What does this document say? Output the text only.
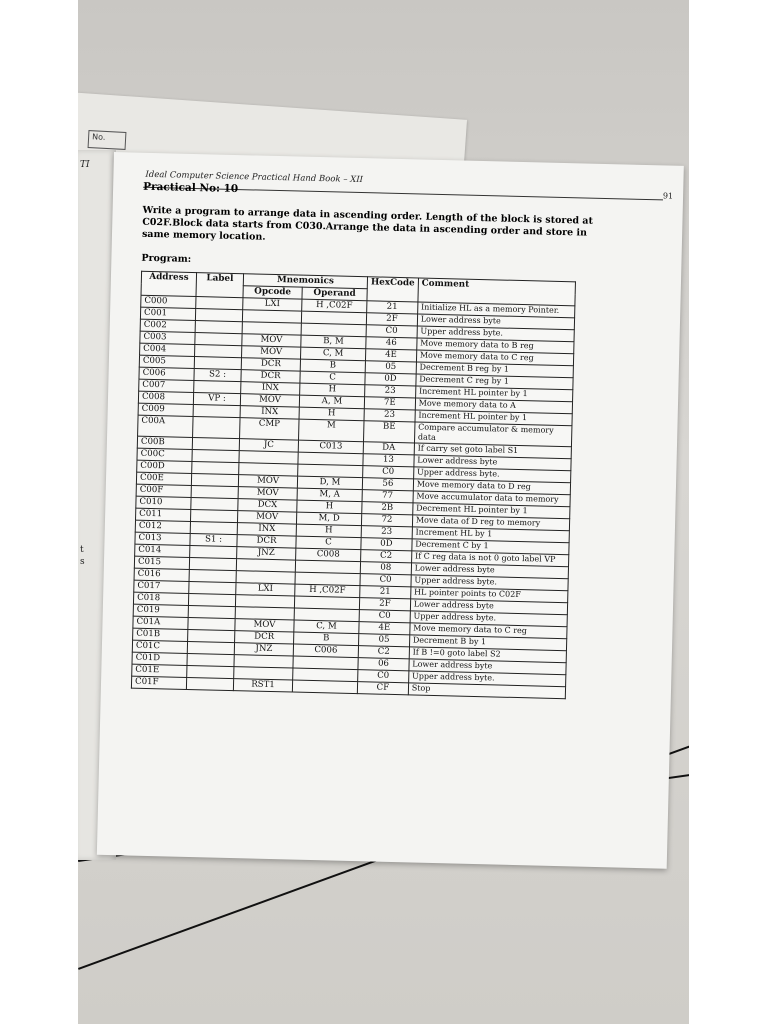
No.
TI
t
s
Ideal Computer Science Practical Hand Book – XII
91
Practical No: 10
Write a program to arrange data in ascending order. Length of the block is stored at C02F.Block data starts from C030.Arrange the data in ascending order and store in same memory location.
Program:
Address	Label	Mnemonics		HexCode	Comment
		Opcode	Operand		
C000		LXI	H ,C02F	21	Initialize HL as a memory Pointer.
C001				2F	Lower address byte
C002				C0	Upper address byte.
C003		MOV	B, M	46	Move memory data to B reg
C004		MOV	C, M	4E	Move memory data to C reg
C005		DCR	B	05	Decrement B reg by 1
C006	S2 :	DCR	C	0D	Decrement C reg by 1
C007		INX	H	23	Increment HL pointer by 1
C008	VP :	MOV	A, M	7E	Move memory data to A
C009		INX	H	23	Increment HL pointer by 1
C00A		CMP	M	BE	Compare accumulator & memory data
C00B		JC	C013	DA	If carry set goto label S1
C00C				13	Lower address byte
C00D				C0	Upper address byte.
C00E		MOV	D, M	56	Move memory data to D reg
C00F		MOV	M, A	77	Move accumulator data to memory
C010		DCX	H	2B	Decrement HL pointer by 1
C011		MOV	M, D	72	Move data of D reg to memory
C012		INX	H	23	Increment HL by 1
C013	S1 :	DCR	C	0D	Decrement C by 1
C014		JNZ	C008	C2	If C reg data is not 0 goto label VP
C015				08	Lower address byte
C016				C0	Upper address byte.
C017		LXI	H ,C02F	21	HL pointer points to C02F
C018				2F	Lower address byte
C019				C0	Upper address byte.
C01A		MOV	C, M	4E	Move memory data to C reg
C01B		DCR	B	05	Decrement B by 1
C01C		JNZ	C006	C2	If B !=0 goto label S2
C01D				06	Lower address byte
C01E				C0	Upper address byte.
C01F		RST1		CF	Stop
